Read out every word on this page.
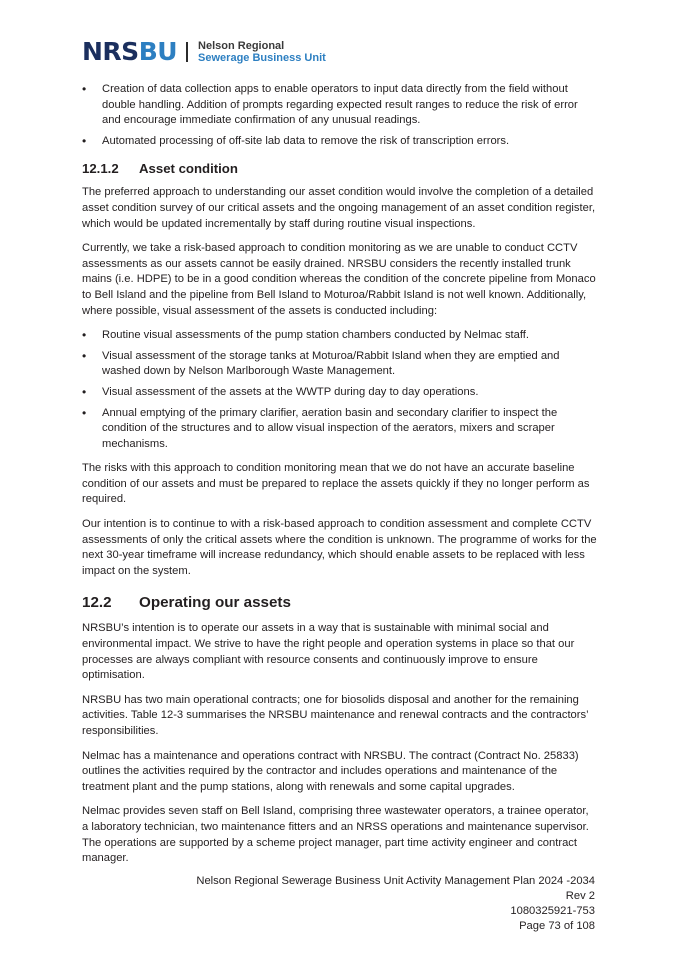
NRSBU Nelson Regional
Sewerage Business Unit
• Creation of data collection apps to enable operators to input data directly from the field without double handling. Addition of prompts regarding expected result ranges to reduce the risk of error and encourage immediate confirmation of any unusual readings.
• Automated processing of off-site lab data to remove the risk of transcription errors.
12.1.2	Asset condition

The preferred approach to understanding our asset condition would involve the completion of a detailed asset condition survey of our critical assets and the ongoing management of an asset condition register, which would be updated incrementally by staff during routine visual inspections.

Currently, we take a risk-based approach to condition monitoring as we are unable to conduct CCTV assessments as our assets cannot be easily drained. NRSBU considers the recently installed trunk mains (i.e. HDPE) to be in a good condition whereas the condition of the concrete pipeline from Monaco to Bell Island and the pipeline from Bell Island to Moturoa/Rabbit Island is not well known. Additionally, where possible, visual assessment of the assets is conducted including:

• Routine visual assessments of the pump station chambers conducted by Nelmac staff.
• Visual assessment of the storage tanks at Moturoa/Rabbit Island when they are emptied and washed down by Nelson Marlborough Waste Management.
• Visual assessment of the assets at the WWTP during day to day operations.
• Annual emptying of the primary clarifier, aeration basin and secondary clarifier to inspect the condition of the structures and to allow visual inspection of the aerators, mixers and scraper mechanisms.

The risks with this approach to condition monitoring mean that we do not have an accurate baseline condition of our assets and must be prepared to replace the assets quickly if they no longer perform as required.

Our intention is to continue to with a risk-based approach to condition assessment and complete CCTV assessments of only the critical assets where the condition is unknown. The programme of works for the next 30-year timeframe will increase redundancy, which should enable assets to be replaced with less impact on the system.

12.2	Operating our assets

NRSBU’s intention is to operate our assets in a way that is sustainable with minimal social and environmental impact. We strive to have the right people and operation systems in place so that our processes are always compliant with resource consents and continuously improve to ensure optimisation.

NRSBU has two main operational contracts; one for biosolids disposal and another for the remaining activities. Table 12-3 summarises the NRSBU maintenance and renewal contracts and the contractors’ responsibilities.

Nelmac has a maintenance and operations contract with NRSBU. The contract (Contract No. 25833) outlines the activities required by the contractor and includes operations and maintenance of the treatment plant and the pump stations, along with renewals and some capital upgrades.

Nelmac provides seven staff on Bell Island, comprising three wastewater operators, a trainee operator, a laboratory technician, two maintenance fitters and an NRSS operations and maintenance supervisor. The operations are supported by a scheme project manager, part time activity engineer and contract manager.

Nelson Regional Sewerage Business Unit Activity Management Plan 2024 -2034
Rev 2
1080325921-753
Page 73 of 108
